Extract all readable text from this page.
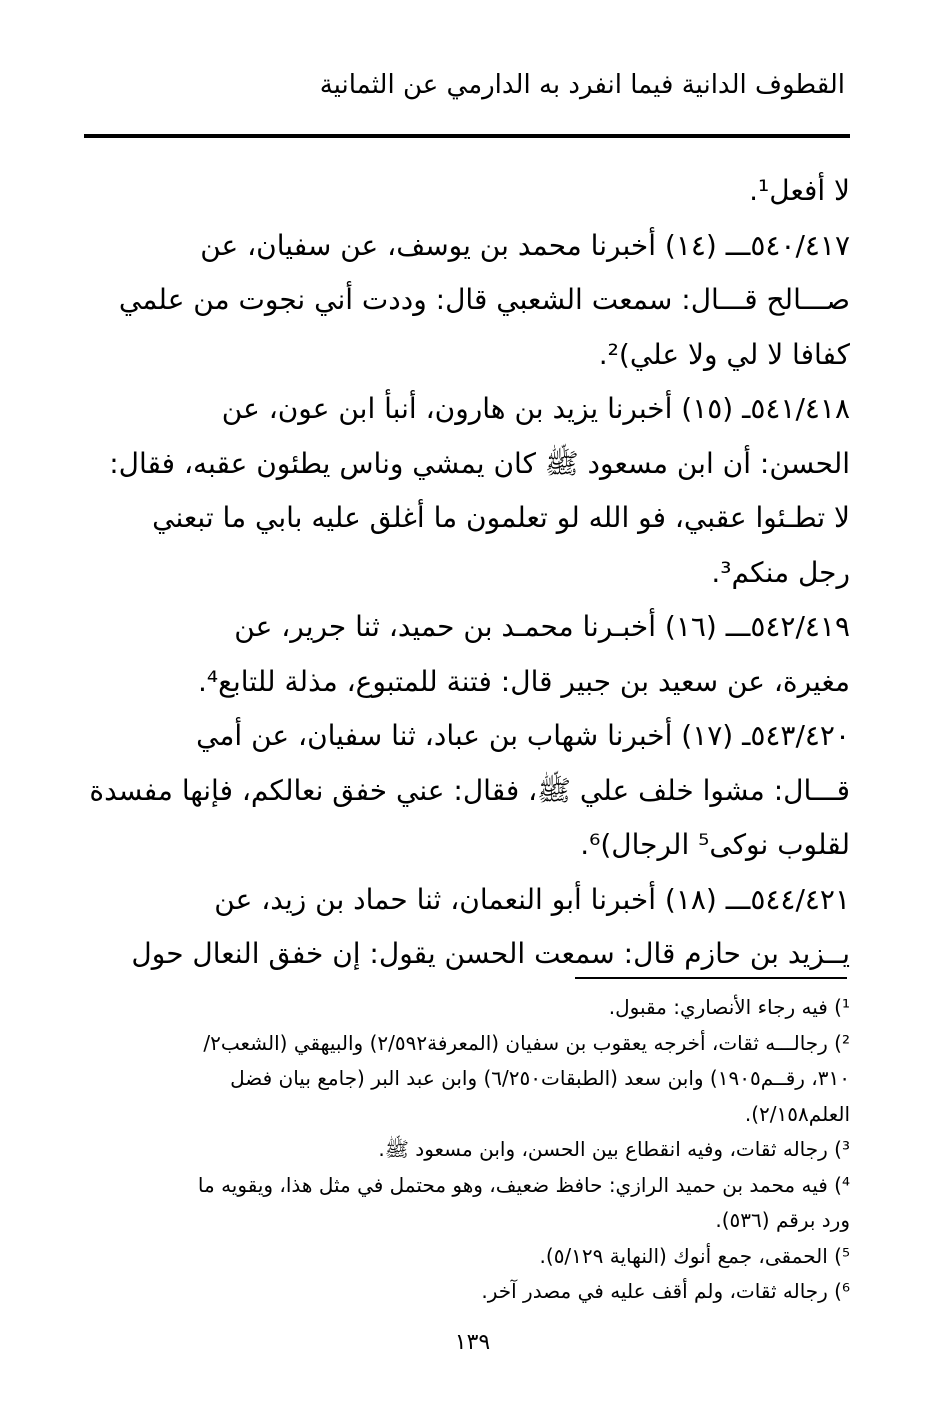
القطوف الدانية فيما انفرد به الدارمي عن الثمانية
لا أفعل¹.
٥٤٠/٤١٧ـــ (١٤) أخبرنا محمد بن يوسف، عن سفيان، عن
صـــالح قـــال: سمعت الشعبي قال: وددت أني نجوت من علمي
كفافا لا لي ولا علي)².
٥٤١/٤١٨ـ (١٥) أخبرنا يزيد بن هارون، أنبأ ابن عون، عن
الحسن: أن ابن مسعود ﷺ كان يمشي وناس يطئون عقبه، فقال:
لا تطـئوا عقبي، فو الله لو تعلمون ما أغلق عليه بابي ما تبعني
رجل منكم³.
٥٤٢/٤١٩ـــ (١٦) أخبـرنا محمـد بن حميد، ثنا جرير، عن
مغيرة، عن سعيد بن جبير قال: فتنة للمتبوع، مذلة للتابع⁴.
٥٤٣/٤٢٠ـ (١٧) أخبرنا شهاب بن عباد، ثنا سفيان، عن أمي
قـــال: مشوا خلف علي ﷺ، فقال: عني خفق نعالكم، فإنها مفسدة
لقلوب نوكى⁵ الرجال)⁶.
٥٤٤/٤٢١ـــ (١٨) أخبرنا أبو النعمان، ثنا حماد بن زيد، عن
يــزيد بن حازم قال: سمعت الحسن يقول: إن خفق النعال حول
¹) فيه رجاء الأنصاري: مقبول.
²) رجالـــه ثقات، أخرجه يعقوب بن سفيان (المعرفة٢/٥٩٢) والبيهقي (الشعب٢/
٣١٠، رقــم١٩٠٥) وابن سعد (الطبقات٦/٢٥٠) وابن عبد البر (جامع بيان فضل
العلم٢/١٥٨).
³) رجاله ثقات، وفيه انقطاع بين الحسن، وابن مسعود ﷺ.
⁴) فيه محمد بن حميد الرازي: حافظ ضعيف، وهو محتمل في مثل هذا، ويقويه ما
ورد برقم (٥٣٦).
⁵) الحمقى، جمع أنوك (النهاية ٥/١٢٩).
⁶) رجاله ثقات، ولم أقف عليه في مصدر آخر.
١٣٩
